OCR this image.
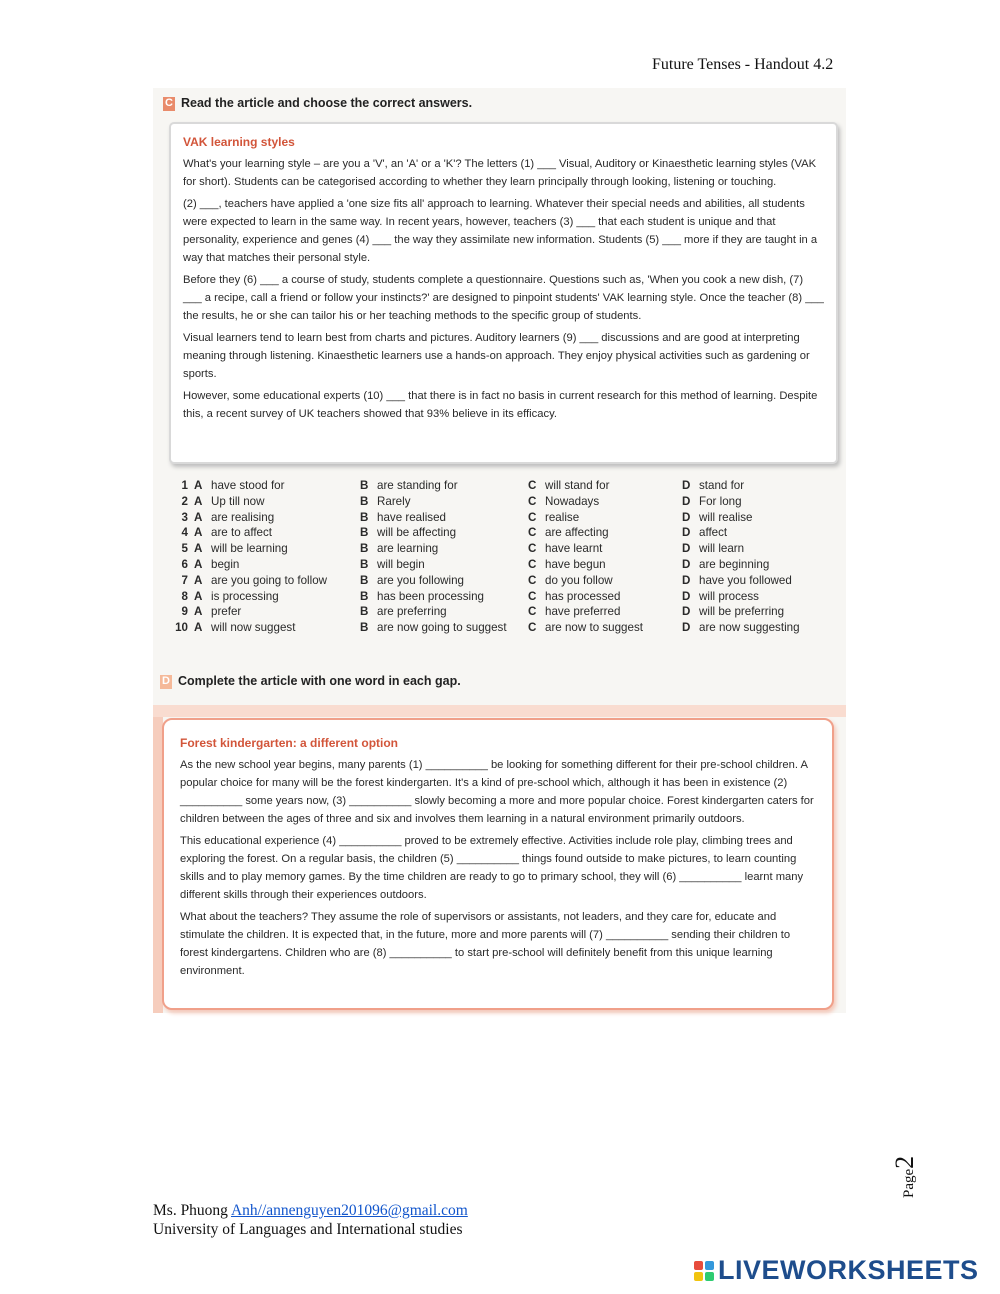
Future Tenses - Handout 4.2
C Read the article and choose the correct answers.
VAK learning styles

What's your learning style – are you a 'V', an 'A' or a 'K'? The letters (1) ___ Visual, Auditory or Kinaesthetic learning styles (VAK for short). Students can be categorised according to whether they learn principally through looking, listening or touching.

(2) ___, teachers have applied a 'one size fits all' approach to learning. Whatever their special needs and abilities, all students were expected to learn in the same way. In recent years, however, teachers (3) ___ that each student is unique and that personality, experience and genes (4) ___ the way they assimilate new information. Students (5) ___ more if they are taught in a way that matches their personal style.

Before they (6) ___ a course of study, students complete a questionnaire. Questions such as, 'When you cook a new dish, (7) ___ a recipe, call a friend or follow your instincts?' are designed to pinpoint students' VAK learning style. Once the teacher (8) ___ the results, he or she can tailor his or her teaching methods to the specific group of students.

Visual learners tend to learn best from charts and pictures. Auditory learners (9) ___ discussions and are good at interpreting meaning through listening. Kinaesthetic learners use a hands-on approach. They enjoy physical activities such as gardening or sports.

However, some educational experts (10) ___ that there is in fact no basis in current research for this method of learning. Despite this, a recent survey of UK teachers showed that 93% believe in its efficacy.

1	A	have stood for	B	are standing for	C	will stand for	D	stand for
2	A	Up till now	B	Rarely	C	Nowadays	D	For long
3	A	are realising	B	have realised	C	realise	D	will realise
4	A	are to affect	B	will be affecting	C	are affecting	D	affect
5	A	will be learning	B	are learning	C	have learnt	D	will learn
6	A	begin	B	will begin	C	have begun	D	are beginning
7	A	are you going to follow	B	are you following	C	do you follow	D	have you followed
8	A	is processing	B	has been processing	C	has processed	D	will process
9	A	prefer	B	are preferring	C	have preferred	D	will be preferring
10	A	will now suggest	B	are now going to suggest	C	are now to suggest	D	are now suggesting
D Complete the article with one word in each gap.
Forest kindergarten: a different option

As the new school year begins, many parents (1) __________ be looking for something different for their pre-school children. A popular choice for many will be the forest kindergarten. It's a kind of pre-school which, although it has been in existence (2) __________ some years now, (3) __________ slowly becoming a more and more popular choice. Forest kindergarten caters for children between the ages of three and six and involves them learning in a natural environment primarily outdoors.

This educational experience (4) __________ proved to be extremely effective. Activities include role play, climbing trees and exploring the forest. On a regular basis, the children (5) __________ things found outside to make pictures, to learn counting skills and to play memory games. By the time children are ready to go to primary school, they will (6) __________ learnt many different skills through their experiences outdoors.

What about the teachers? They assume the role of supervisors or assistants, not leaders, and they care for, educate and stimulate the children. It is expected that, in the future, more and more parents will (7) __________ sending their children to forest kindergartens. Children who are (8) __________ to start pre-school will definitely benefit from this unique learning environment.

Page2
Ms. Phuong Anh//annenguyen201096@gmail.com
University of Languages and International studies
LIVEWORKSHEETS
